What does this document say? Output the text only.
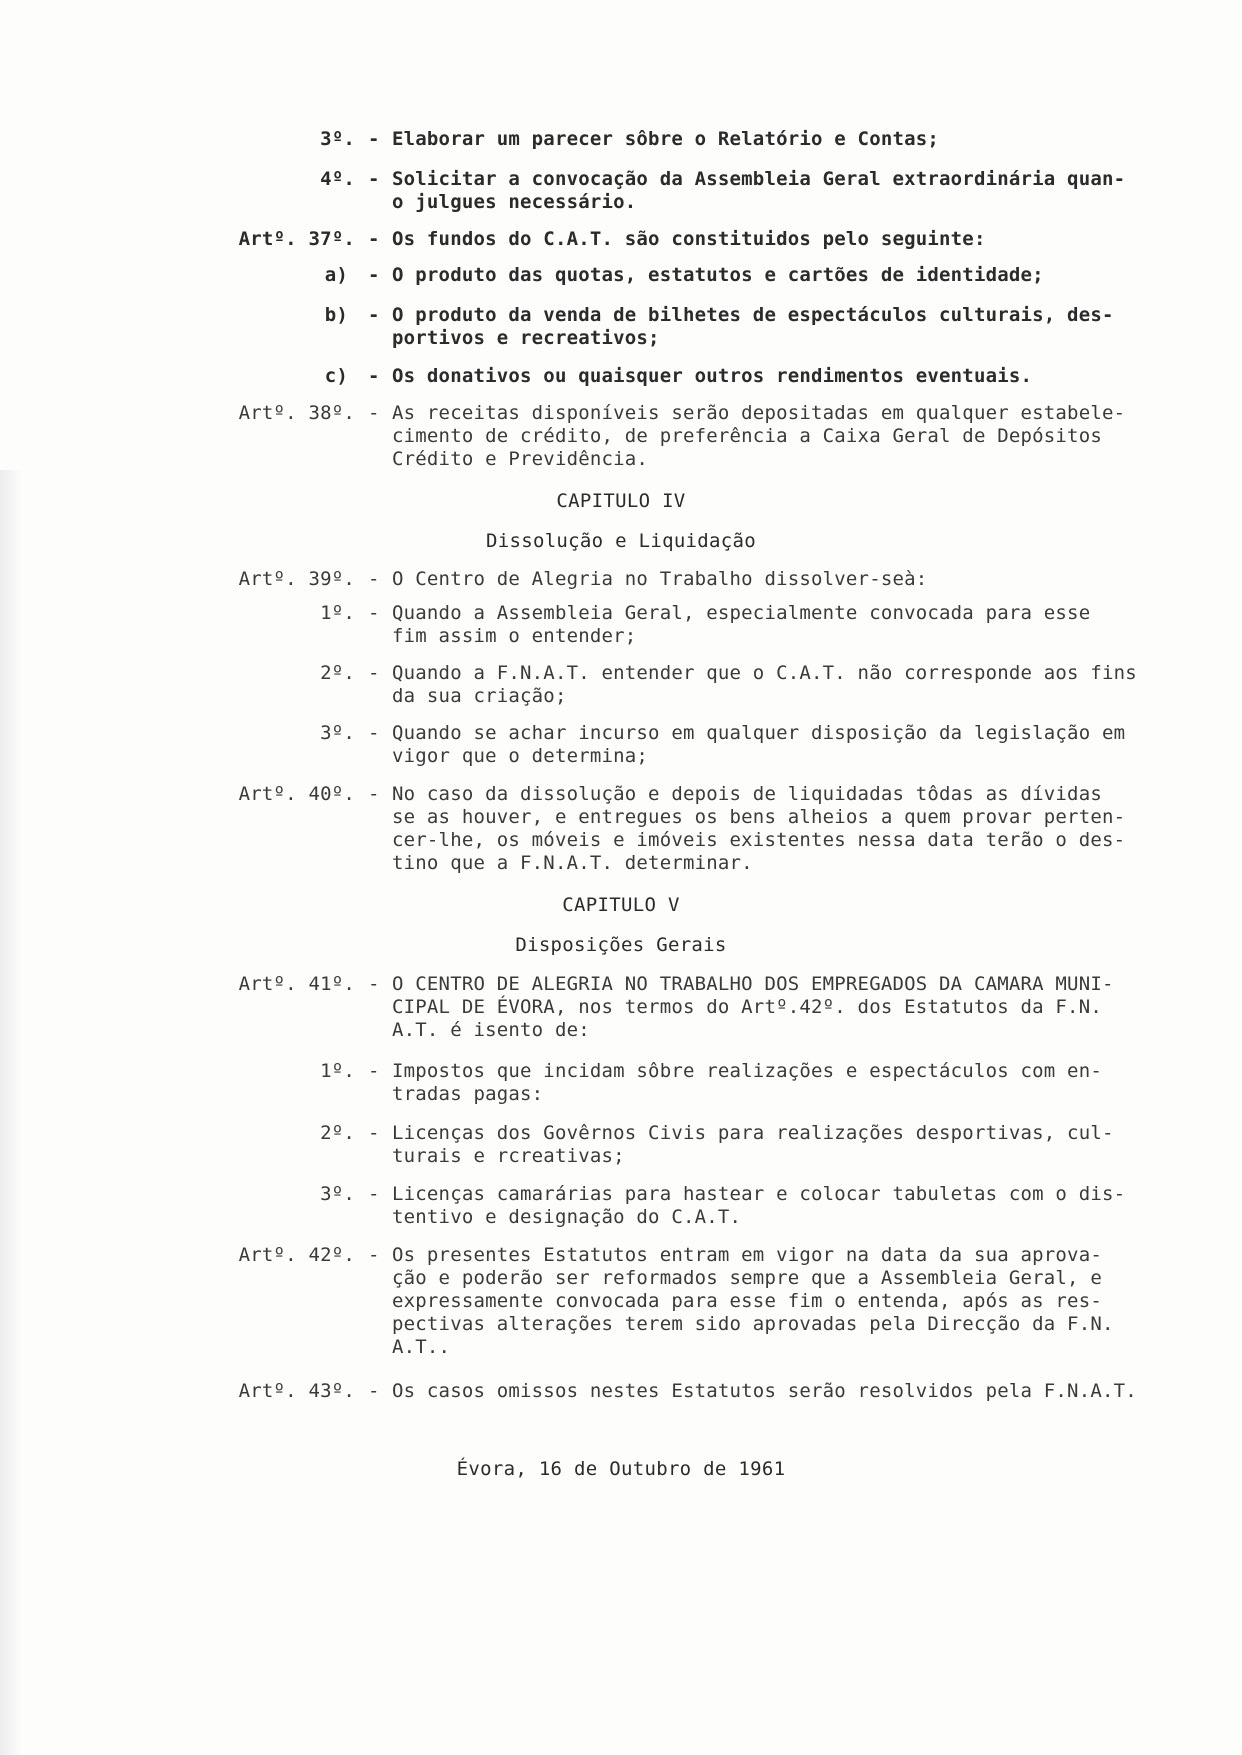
3º. - Elaborar um parecer sôbre o Relatório e Contas;
4º. - Solicitar a convocação da Assembleia Geral extraordinária quan-
o julgues necessário.
Artº. 37º. - Os fundos do C.A.T. são constituidos pelo seguinte:
a) - O produto das quotas, estatutos e cartões de identidade;
b) - O produto da venda de bilhetes de espectáculos culturais, des-
portivos e recreativos;
c) - Os donativos ou quaisquer outros rendimentos eventuais.
Artº. 38º. - As receitas disponíveis serão depositadas em qualquer estabele-
cimento de crédito, de preferência a Caixa Geral de Depósitos
Crédito e Previdência.
CAPITULO IV
Dissolução e Liquidação
Artº. 39º. - O Centro de Alegria no Trabalho dissolver-seà:
1º. - Quando a Assembleia Geral, especialmente convocada para esse
fim assim o entender;
2º. - Quando a F.N.A.T. entender que o C.A.T. não corresponde aos fins
da sua criação;
3º. - Quando se achar incurso em qualquer disposição da legislação em
vigor que o determina;
Artº. 40º. - No caso da dissolução e depois de liquidadas tôdas as dívidas
se as houver, e entregues os bens alheios a quem provar perten-
cer-lhe, os móveis e imóveis existentes nessa data terão o des-
tino que a F.N.A.T. determinar.
CAPITULO V
Disposições Gerais
Artº. 41º. - O CENTRO DE ALEGRIA NO TRABALHO DOS EMPREGADOS DA CAMARA MUNI-
CIPAL DE ÉVORA, nos termos do Artº.42º. dos Estatutos da F.N.
A.T. é isento de:
1º. - Impostos que incidam sôbre realizações e espectáculos com en-
tradas pagas:
2º. - Licenças dos Govêrnos Civis para realizações desportivas, cul-
turais e rcreativas;
3º. - Licenças camarárias para hastear e colocar tabuletas com o dis-
tentivo e designação do C.A.T.
Artº. 42º. - Os presentes Estatutos entram em vigor na data da sua aprova-
ção e poderão ser reformados sempre que a Assembleia Geral, e
expressamente convocada para esse fim o entenda, após as res-
pectivas alterações terem sido aprovadas pela Direcção da F.N.
A.T..
Artº. 43º. - Os casos omissos nestes Estatutos serão resolvidos pela F.N.A.T.
Évora, 16 de Outubro de 1961
